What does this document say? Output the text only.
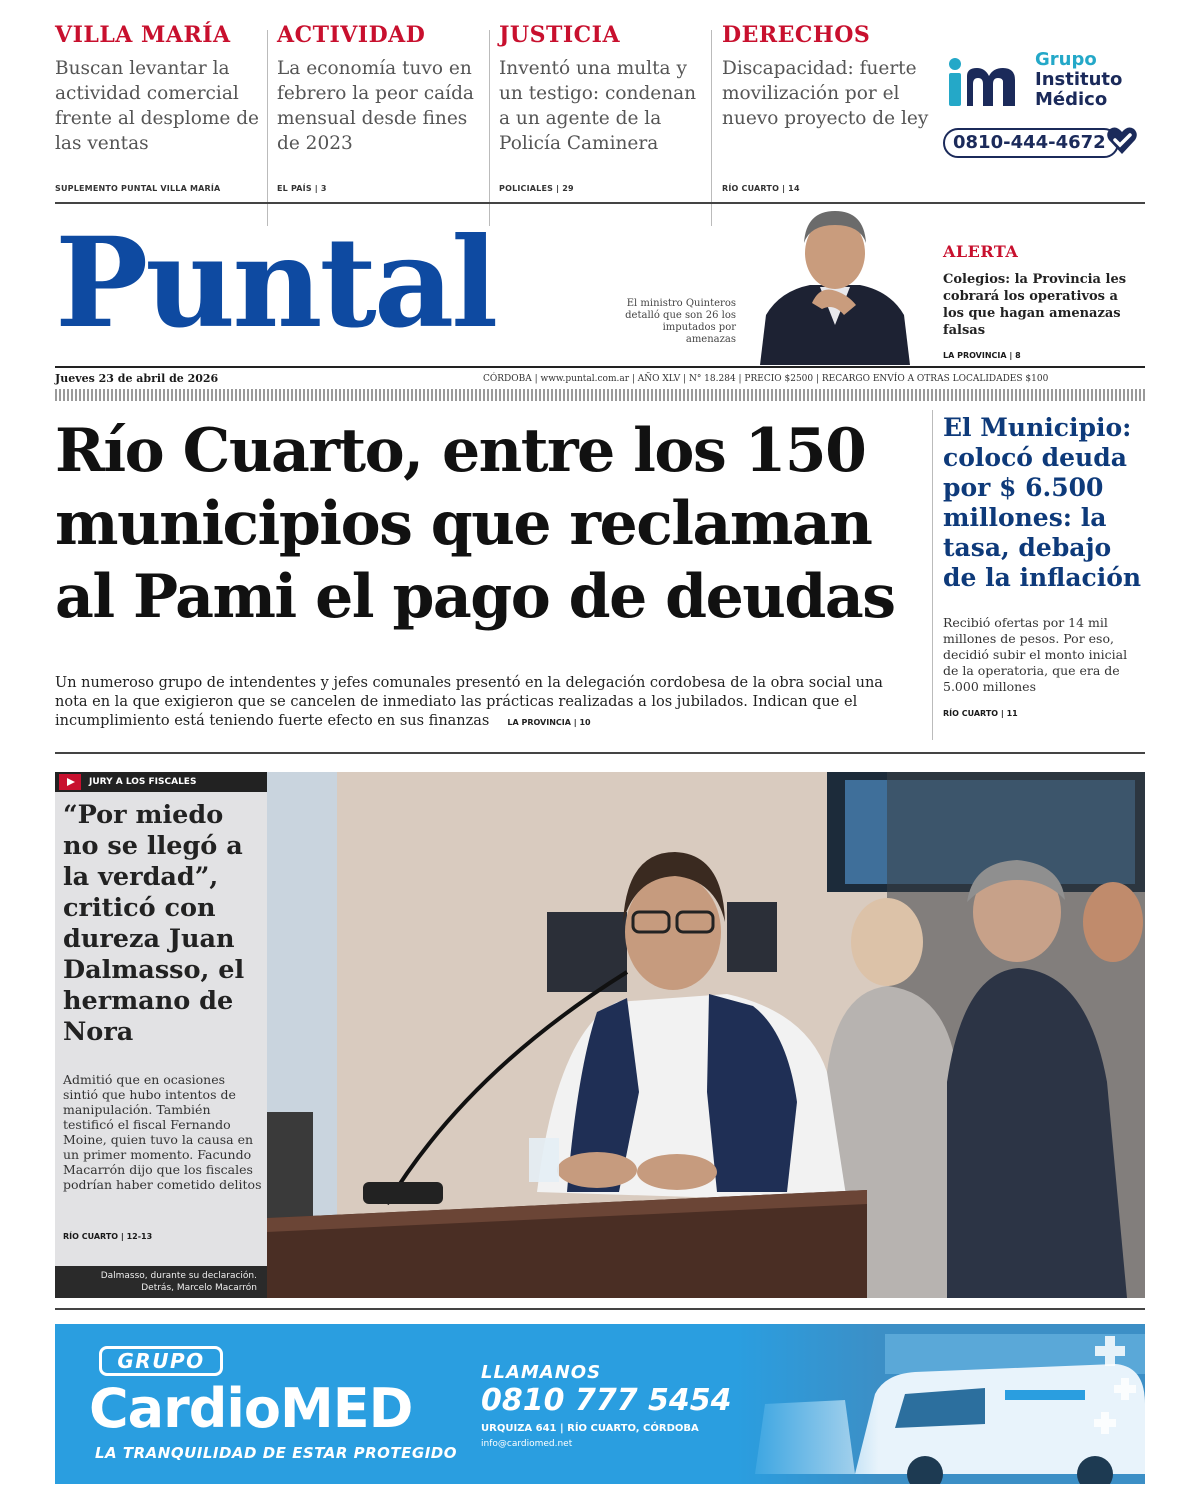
VILLA MARÍA
Buscan levantar la actividad comercial frente al desplome de las ventas
SUPLEMENTO PUNTAL VILLA MARÍA
ACTIVIDAD
La economía tuvo en febrero la peor caída mensual desde fines de 2023
EL PAÍS | 3
JUSTICIA
Inventó una multa y un testigo: condenan a un agente de la Policía Caminera
POLICIALES | 29
DERECHOS
Discapacidad: fuerte movilización por el nuevo proyecto de ley
RÍO CUARTO | 14
Grupo
Instituto
Médico
0810-444-4672
Puntal	El ministro Quinteros detalló que son 26 los imputados por amenazas
ALERTA
Colegios: la Provincia les cobrará los operativos a los que hagan amenazas falsas
LA PROVINCIA | 8
Jueves 23 de abril de 2026	CÓRDOBA | www.puntal.com.ar | AÑO XLV | N° 18.284 | PRECIO $2500 | RECARGO ENVÍO A OTRAS LOCALIDADES $100
Río Cuarto, entre los 150
municipios que reclaman
al Pami el pago de deudas
Un numeroso grupo de intendentes y jefes comunales presentó en la delegación cordobesa de la obra social una nota en la que exigieron que se cancelen de inmediato las prácticas realizadas a los jubilados. Indican que el incumplimiento está teniendo fuerte efecto en sus finanzas LA PROVINCIA | 10
El Municipio: colocó deuda por $ 6.500 millones: la tasa, debajo de la inflación
Recibió ofertas por 14 mil millones de pesos. Por eso, decidió subir el monto inicial de la operatoria, que era de 5.000 millones
RÍO CUARTO | 11
JURY A LOS FISCALES
“Por miedo no se llegó a la verdad”, criticó con dureza Juan Dalmasso, el hermano de Nora
Admitió que en ocasiones sintió que hubo intentos de manipulación. También testificó el fiscal Fernando Moine, quien tuvo la causa en un primer momento. Facundo Macarrón dijo que los fiscales podrían haber cometido delitos
RÍO CUARTO | 12-13
Dalmasso, durante su declaración.
Detrás, Marcelo Macarrón
GRUPO
CardioMED
LA TRANQUILIDAD DE ESTAR PROTEGIDO
LLAMANOS
0810 777 5454
URQUIZA 641 | RÍO CUARTO, CÓRDOBA
info@cardiomed.net
